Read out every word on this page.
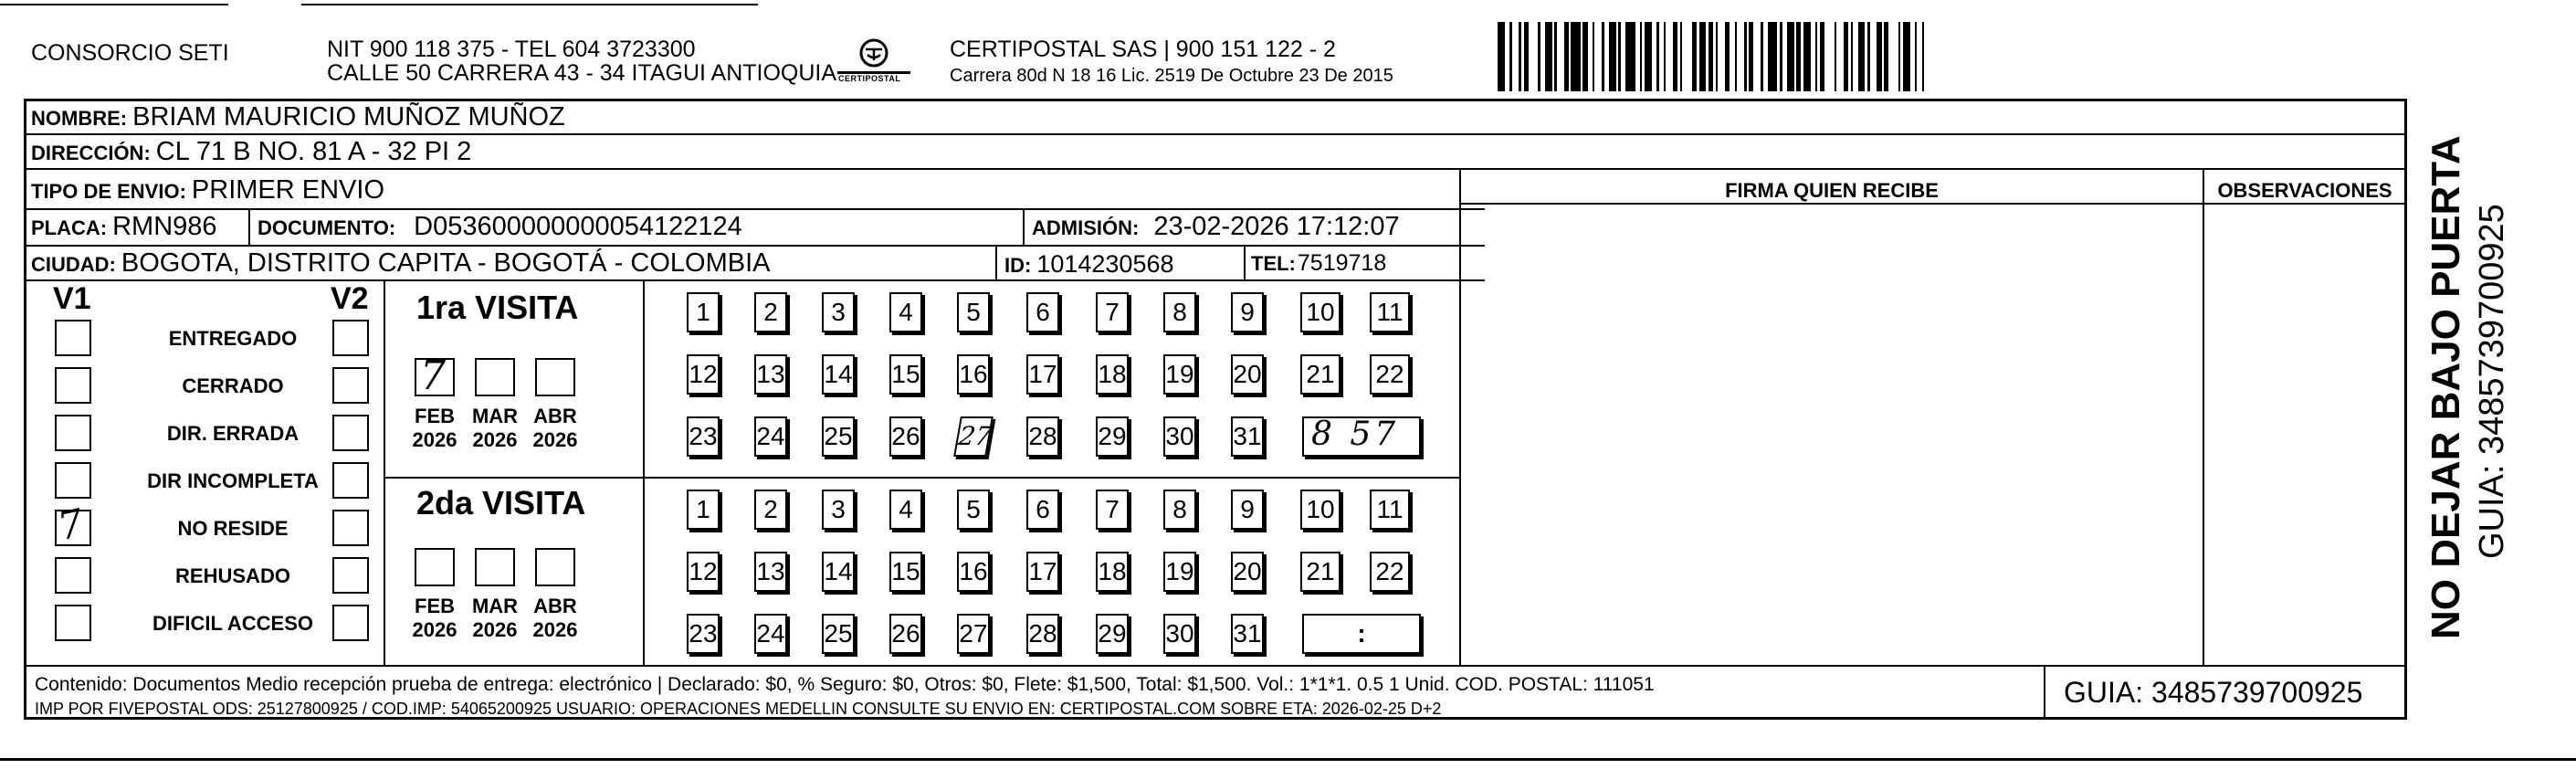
CONSORCIO SETI	NIT 900 118 375 - TEL 604 3723300
CALLE 50 CARRERA 43 - 34 ITAGUI ANTIOQUIA CERTIPOSTAL
CERTIPOSTAL SAS | 900 151 122 - 2
Carrera 80d N 18 16 Lic. 2519 De Octubre 23 De 2015
NOMBRE: BRIAM MAURICIO MUÑOZ MUÑOZ
DIRECCIÓN: CL 71 B NO. 81 A - 32 PI 2
TIPO DE ENVIO: PRIMER ENVIO
PLACA: RMN986 DOCUMENTO: D053600000000054122124	ADMISIÓN: 23-02-2026 17:12:07
CIUDAD: BOGOTA, DISTRITO CAPITA - BOGOTÁ - COLOMBIA	ID: 1014230568	TEL: 7519718
FIRMA QUIEN RECIBE	OBSERVACIONES
V1	V2
ENTREGADO
CERRADO
DIR. ERRADA
DIR INCOMPLETA
7	NO RESIDE
REHUSADO
DIFICIL ACCESO
1ra VISITA
7
FEB
2026
MAR
2026
ABR
2026
1	2	3	4	5	6	7	8	9	10 11
12 13 14 15 16 17 18 19 20 21 22
23 24 25 26 27 28 29 30 31 8 57
2da VISITA
FEB
2026
MAR
2026
ABR
2026
1	2	3	4	5	6	7	8	9	10 11
12 13 14 15 16 17 18 19 20 21 22
23 24 25 26 27 28 29 30 31	:
Contenido: Documentos Medio recepción prueba de entrega: electrónico | Declarado: $0, % Seguro: $0, Otros: $0, Flete: $1,500, Total: $1,500. Vol.: 1*1*1. 0.5 1 Unid. COD. POSTAL: 111051
IMP POR FIVEPOSTAL ODS: 25127800925 / COD.IMP: 54065200925 USUARIO: OPERACIONES MEDELLIN CONSULTE SU ENVIO EN: CERTIPOSTAL.COM SOBRE ETA: 2026-02-25 D+2	GUIA: 3485739700925
NO DEJAR BAJO PUERTA GUIA: 3485739700925
